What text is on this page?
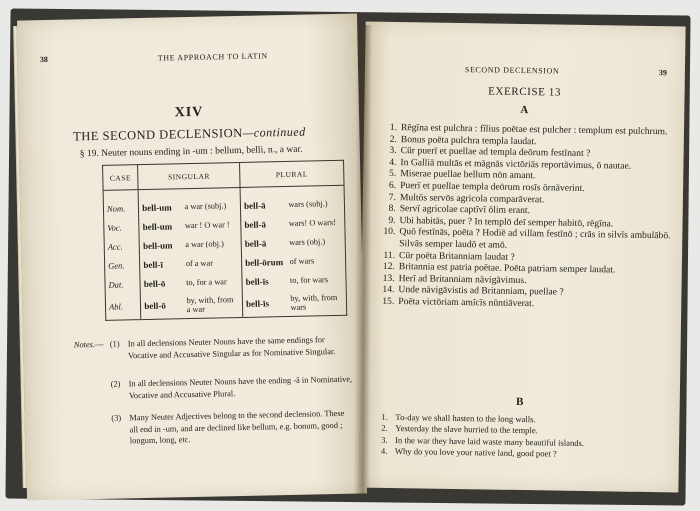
38	THE APPROACH TO LATIN

XIV

THE SECOND DECLENSION—continued

§ 19. Neuter nouns ending in -um : bellum, belli, n., a war.

CASE	SINGULAR		PLURAL	

Nom.	bell-um	a war (subj.)	bell-ā	wars (subj.)
Voc.	bell-um	war ! O war !	bell-ā	wars! O wars!
Acc.	bell-um	a war (obj.)	bell-ā	wars (obj.)
Gen.	bell-ī	of a war	bell-ōrum	of wars
Dat.	bell-ō	to, for a war	bell-īs	to, for wars
Abl.	bell-ō	by, with, from a war	bell-īs	by, with, from wars

Notes.— (1) In all declensions Neuter Nouns have the same endings for Vocative and Accusative Singular as for Nominative Singular.
(2) In all declensions Neuter Nouns have the ending -ă in Nominative, Vocative and Accusative Plural.
(3) Many Neuter Adjectives belong to the second declension. These all end in -um, and are declined like bellum, e.g. bonum, good ; longum, long, etc.

SECOND DECLENSION	39

EXERCISE 13

A

1. Rēgīna est pulchra : fīlius poētae est pulcher : templum est pulchrum.
2. Bonus poēta pulchra templa laudat.
3. Cūr puerī et puellae ad templa deōrum festīnant ?
4. In Galliā multās et māgnās victōriās reportāvimus, ō nautae.
5. Miserae puellae bellum nōn amant.
6. Puerī et puellae templa deōrum rosīs ōrnāverint.
7. Multōs servōs agricola comparāverat.
8. Servī agricolae captīvī ōlim erant.
9. Ubi habitās, puer ? In templō deī semper habitō, rēgīna.
10. Quō festīnās, poēta ? Hodiē ad villam festīnō ; crās in silvīs ambulābō. Silvās semper laudō et amō.
11. Cūr poēta Britanniam laudat ?
12. Britannia est patria poētae. Poēta patriam semper laudat.
13. Herī ad Britanniam nāvigāvimus.
14. Unde nāvigāvistis ad Britanniam, puellae ?
15. Poēta victōriam amīcīs nūntiāverat.

B

1. To-day we shall hasten to the long walls.
2. Yesterday the slave hurried to the temple.
3. In the war they have laid waste many beautiful islands.
4. Why do you love your native land, good poet ?
